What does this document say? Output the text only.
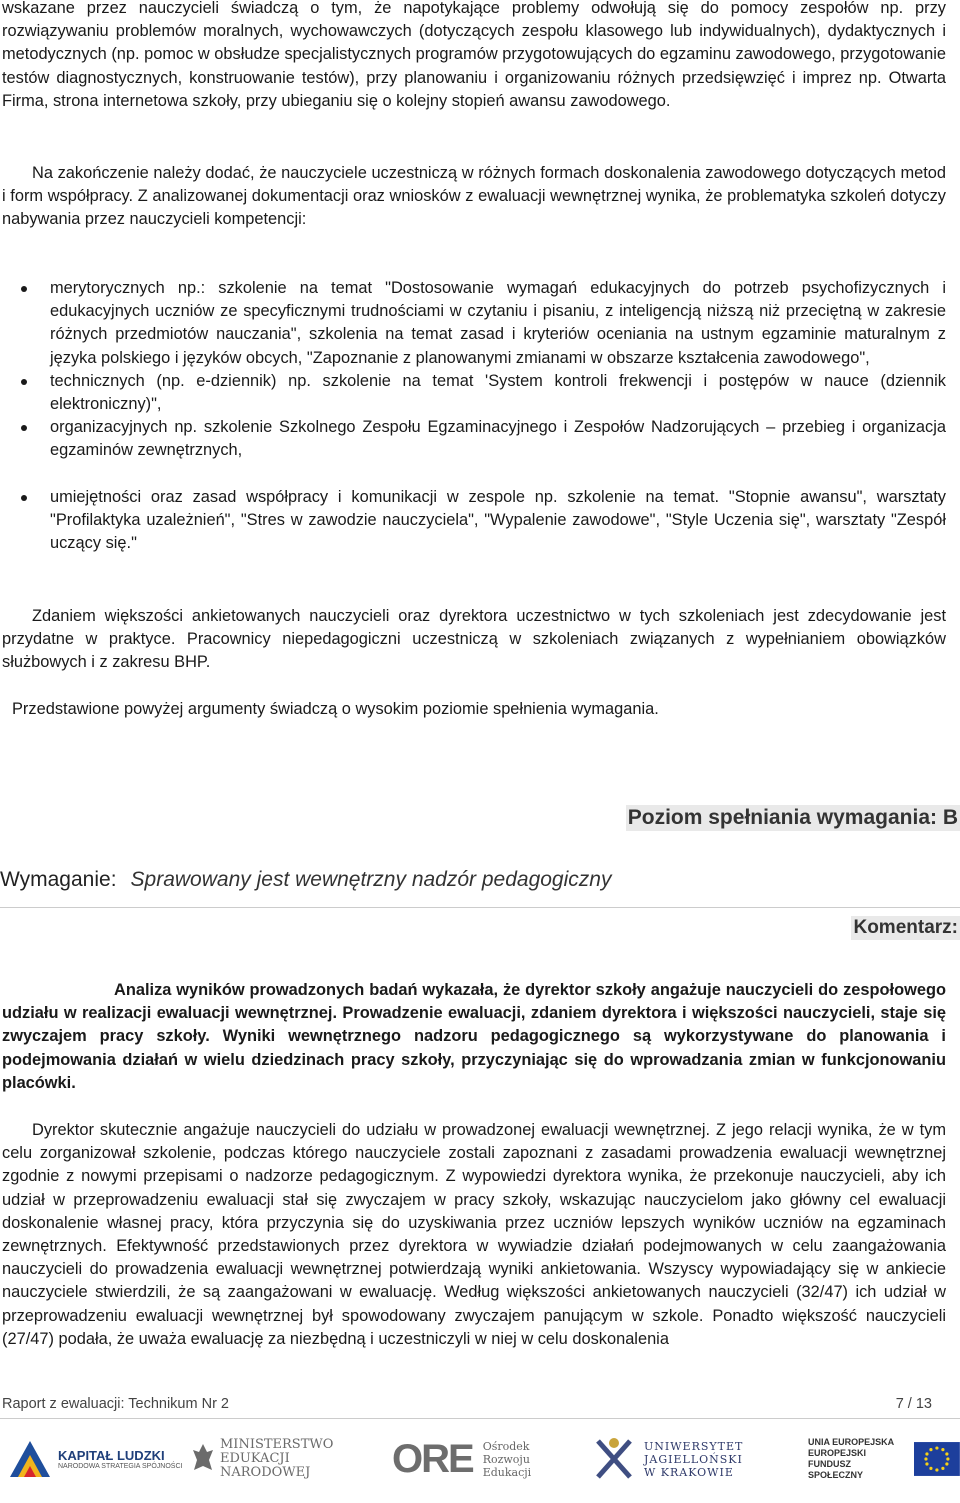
wskazane przez nauczycieli świadczą o tym, że napotykające problemy odwołują się do pomocy zespołów np. przy rozwiązywaniu problemów moralnych, wychowawczych (dotyczących zespołu klasowego lub indywidualnych), dydaktycznych i metodycznych (np. pomoc w obsłudze specjalistycznych programów przygotowujących do egzaminu zawodowego, przygotowanie testów diagnostycznych, konstruowanie testów), przy planowaniu i organizowaniu różnych przedsięwzięć i imprez np. Otwarta Firma, strona internetowa szkoły, przy ubieganiu się o kolejny stopień awansu zawodowego.

Na zakończenie należy dodać, że nauczyciele uczestniczą w różnych formach doskonalenia zawodowego dotyczących metod i form współpracy. Z analizowanej dokumentacji oraz wniosków z ewaluacji wewnętrznej wynika, że problematyka szkoleń dotyczy nabywania przez nauczycieli kompetencji:

merytorycznych np.: szkolenie na temat "Dostosowanie wymagań edukacyjnych do potrzeb psychofizycznych i edukacyjnych uczniów ze specyficznymi trudnościami w czytaniu i pisaniu, z inteligencją niższą niż przeciętną w zakresie różnych przedmiotów nauczania", szkolenia na temat zasad i kryteriów oceniania na ustnym egzaminie maturalnym z języka polskiego i języków obcych, "Zapoznanie z planowanymi zmianami w obszarze kształcenia zawodowego",
technicznych (np. e-dziennik) np. szkolenie na temat 'System kontroli frekwencji i postępów w nauce (dziennik elektroniczny)",
organizacyjnych np. szkolenie Szkolnego Zespołu Egzaminacyjnego i Zespołów Nadzorujących – przebieg i organizacja egzaminów zewnętrznych,
umiejętności oraz zasad współpracy i komunikacji w zespole np. szkolenie na temat. "Stopnie awansu", warsztaty "Profilaktyka uzależnień", "Stres w zawodzie nauczyciela", "Wypalenie zawodowe", "Style Uczenia się", warsztaty "Zespół uczący się."

Zdaniem większości ankietowanych nauczycieli oraz dyrektora uczestnictwo w tych szkoleniach jest zdecydowanie jest przydatne w praktyce. Pracownicy niepedagogiczni uczestniczą w szkoleniach związanych z wypełnianiem obowiązków służbowych i z zakresu BHP.

Przedstawione powyżej argumenty świadczą o wysokim poziomie spełnienia wymagania.

Poziom spełniania wymagania: B
Wymaganie: Sprawowany jest wewnętrzny nadzór pedagogiczny
Komentarz:

Analiza wyników prowadzonych badań wykazała, że dyrektor szkoły angażuje nauczycieli do zespołowego udziału w realizacji ewaluacji wewnętrznej. Prowadzenie ewaluacji, zdaniem dyrektora i większości nauczycieli, staje się zwyczajem pracy szkoły. Wyniki wewnętrznego nadzoru pedagogicznego są wykorzystywane do planowania i podejmowania działań w wielu dziedzinach pracy szkoły, przyczyniając się do wprowadzania zmian w funkcjonowaniu placówki.

Dyrektor skutecznie angażuje nauczycieli do udziału w prowadzonej ewaluacji wewnętrznej. Z jego relacji wynika, że w tym celu zorganizował szkolenie, podczas którego nauczyciele zostali zapoznani z zasadami prowadzenia ewaluacji wewnętrznej zgodnie z nowymi przepisami o nadzorze pedagogicznym. Z wypowiedzi dyrektora wynika, że przekonuje nauczycieli, aby ich udział w przeprowadzeniu ewaluacji stał się zwyczajem w pracy szkoły, wskazując nauczycielom jako główny cel ewaluacji doskonalenie własnej pracy, która przyczynia się do uzyskiwania przez uczniów lepszych wyników uczniów na egzaminach zewnętrznych. Efektywność przedstawionych przez dyrektora w wywiadzie działań podejmowanych w celu zaangażowania nauczycieli do prowadzenia ewaluacji wewnętrznej potwierdzają wyniki ankietowania. Wszyscy wypowiadający się w ankiecie nauczyciele stwierdzili, że są zaangażowani w ewaluację. Według większości ankietowanych nauczycieli (32/47) ich udział w przeprowadzeniu ewaluacji wewnętrznej był spowodowany zwyczajem panującym w szkole. Ponadto większość nauczycieli (27/47) podała, że uważa ewaluację za niezbędną i uczestniczyli w niej w celu doskonalenia

Raport z ewaluacji: Technikum Nr 2	7 / 13
KAPITAŁ LUDZKI
NARODOWA STRATEGIA SPÓJNOŚCI
MINISTERSTWO
EDUKACJI
NARODOWEJ	ORE Ośrodek
Rozwoju
Edukacji
UNIWERSYTET
JAGIELLOŃSKI
W KRAKOWIE
UNIA EUROPEJSKA
EUROPEJSKI
FUNDUSZ SPOŁECZNY
